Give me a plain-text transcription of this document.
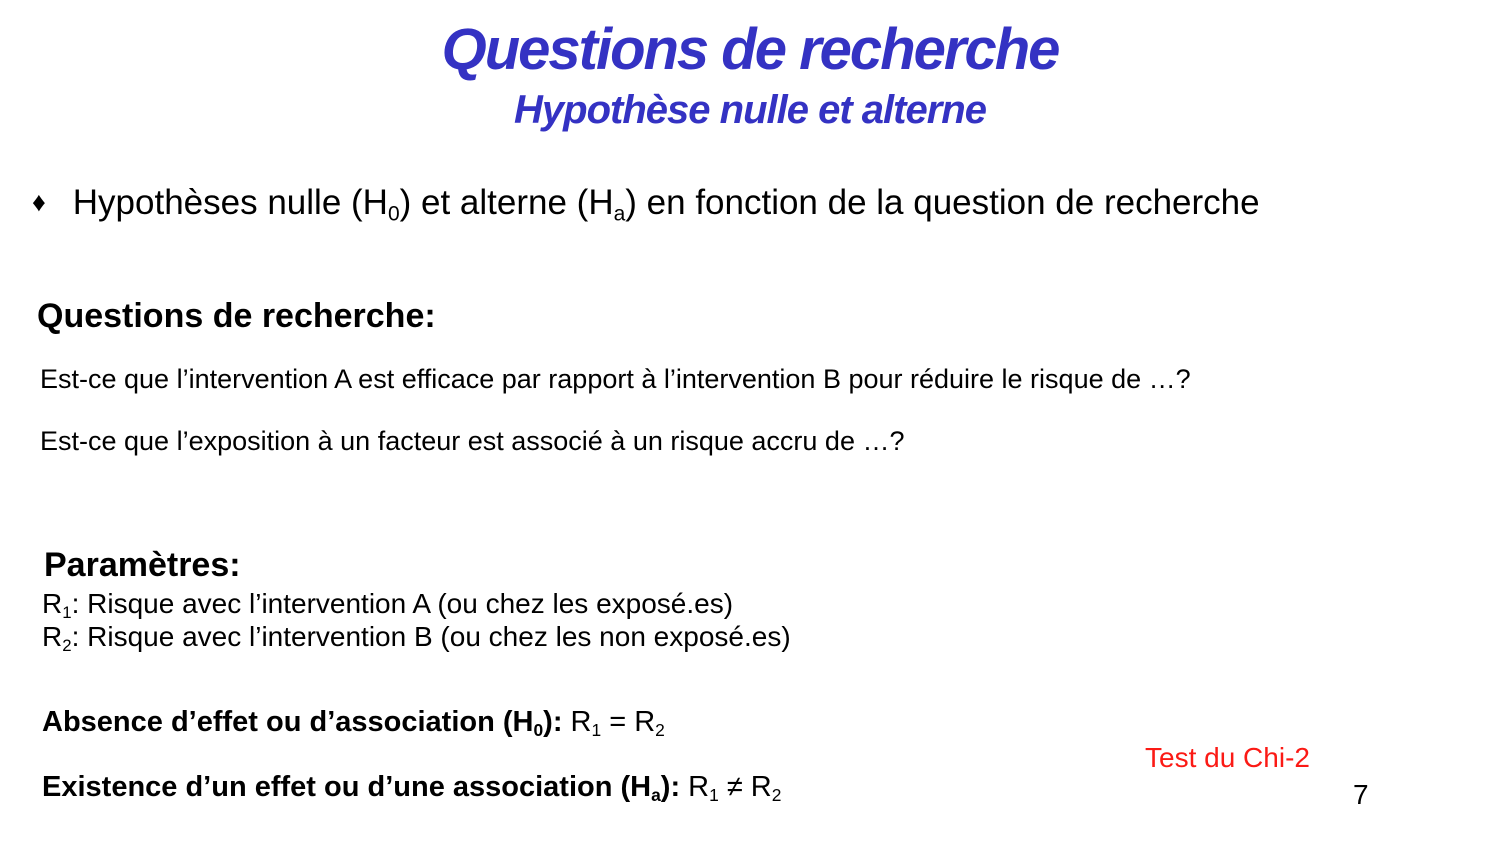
Questions de recherche
Hypothèse nulle et alterne
♦ Hypothèses nulle $(H_0)$ et alterne $(H_a)$ en fonction de la question de recherche
Questions de recherche:
Est-ce que l’intervention A est efficace par rapport à l’intervention B pour réduire le risque de …?
Est-ce que l’exposition à un facteur est associé à un risque accru de …?
Paramètres:
$R_1$: Risque avec l’intervention A (ou chez les exposé.es)
$R_2$: Risque avec l’intervention B (ou chez les non exposé.es)
Absence d’effet ou d’association $(H_0)$: $R_1 = R_2$
Test du Chi-2
Existence d’un effet ou d’une association $(H_a)$: $R_1 \ne R_2$	7
